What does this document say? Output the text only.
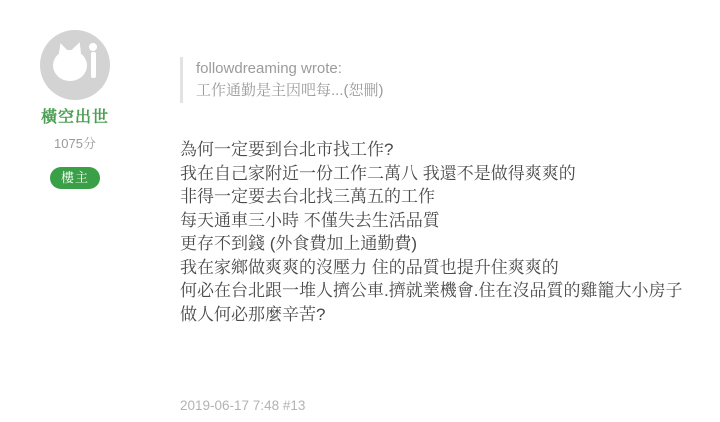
橫空出世
1075分
樓主
followdreaming wrote:
工作通勤是主因吧每...(恕刪)
為何一定要到台北市找工作?
我在自己家附近一份工作二萬八 我還不是做得爽爽的
非得一定要去台北找三萬五的工作
每天通車三小時 不僅失去生活品質
更存不到錢 (外食費加上通勤費)
我在家鄉做爽爽的沒壓力 住的品質也提升住爽爽的
何必在台北跟一堆人擠公車.擠就業機會.住在沒品質的雞籠大小房子
做人何必那麼辛苦?
2019-06-17 7:48 #13
